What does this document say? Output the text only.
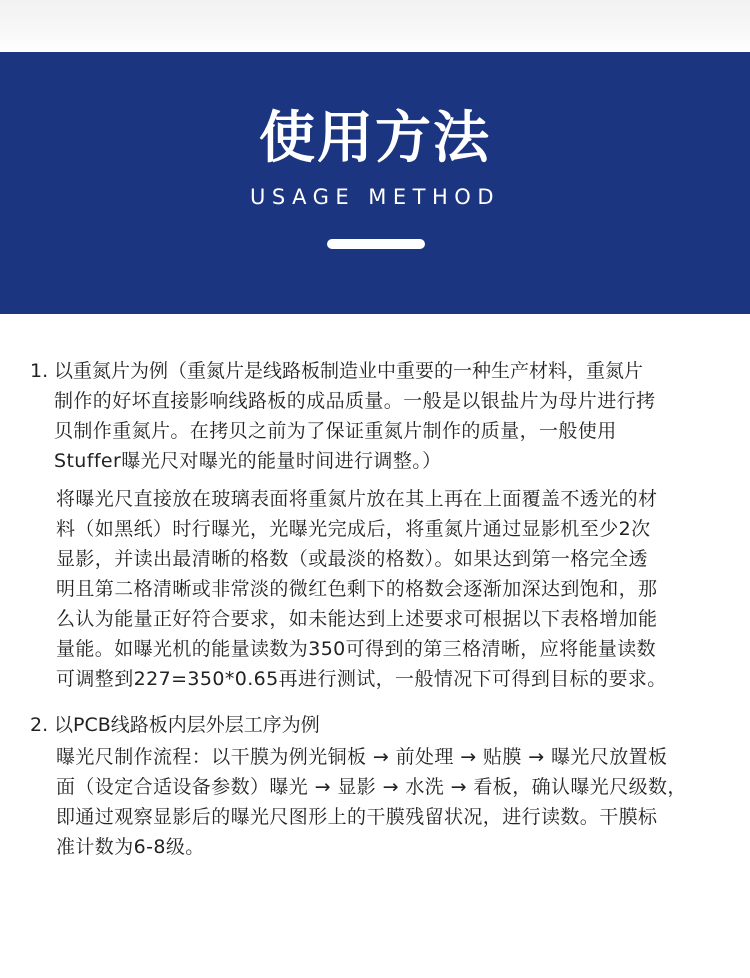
使用方法
USAGE METHOD
1. 以重氮片为例（重氮片是线路板制造业中重要的一种生产材料，重氮片
制作的好坏直接影响线路板的成品质量。一般是以银盐片为母片进行拷
贝制作重氮片。在拷贝之前为了保证重氮片制作的质量，一般使用
Stuffer曝光尺对曝光的能量时间进行调整。）
将曝光尺直接放在玻璃表面将重氮片放在其上再在上面覆盖不透光的材
料（如黑纸）时行曝光，光曝光完成后，将重氮片通过显影机至少2次
显影，并读出最清晰的格数（或最淡的格数）。如果达到第一格完全透
明且第二格清晰或非常淡的微红色剩下的格数会逐渐加深达到饱和，那
么认为能量正好符合要求，如未能达到上述要求可根据以下表格增加能
量能。如曝光机的能量读数为350可得到的第三格清晰，应将能量读数
可调整到227=350*0.65再进行测试，一般情况下可得到目标的要求。
2. 以PCB线路板内层外层工序为例
曝光尺制作流程：以干膜为例光铜板 → 前处理 → 贴膜 → 曝光尺放置板
面（设定合适设备参数）曝光 → 显影 → 水洗 → 看板，确认曝光尺级数，
即通过观察显影后的曝光尺图形上的干膜残留状况，进行读数。干膜标
准计数为6-8级。
